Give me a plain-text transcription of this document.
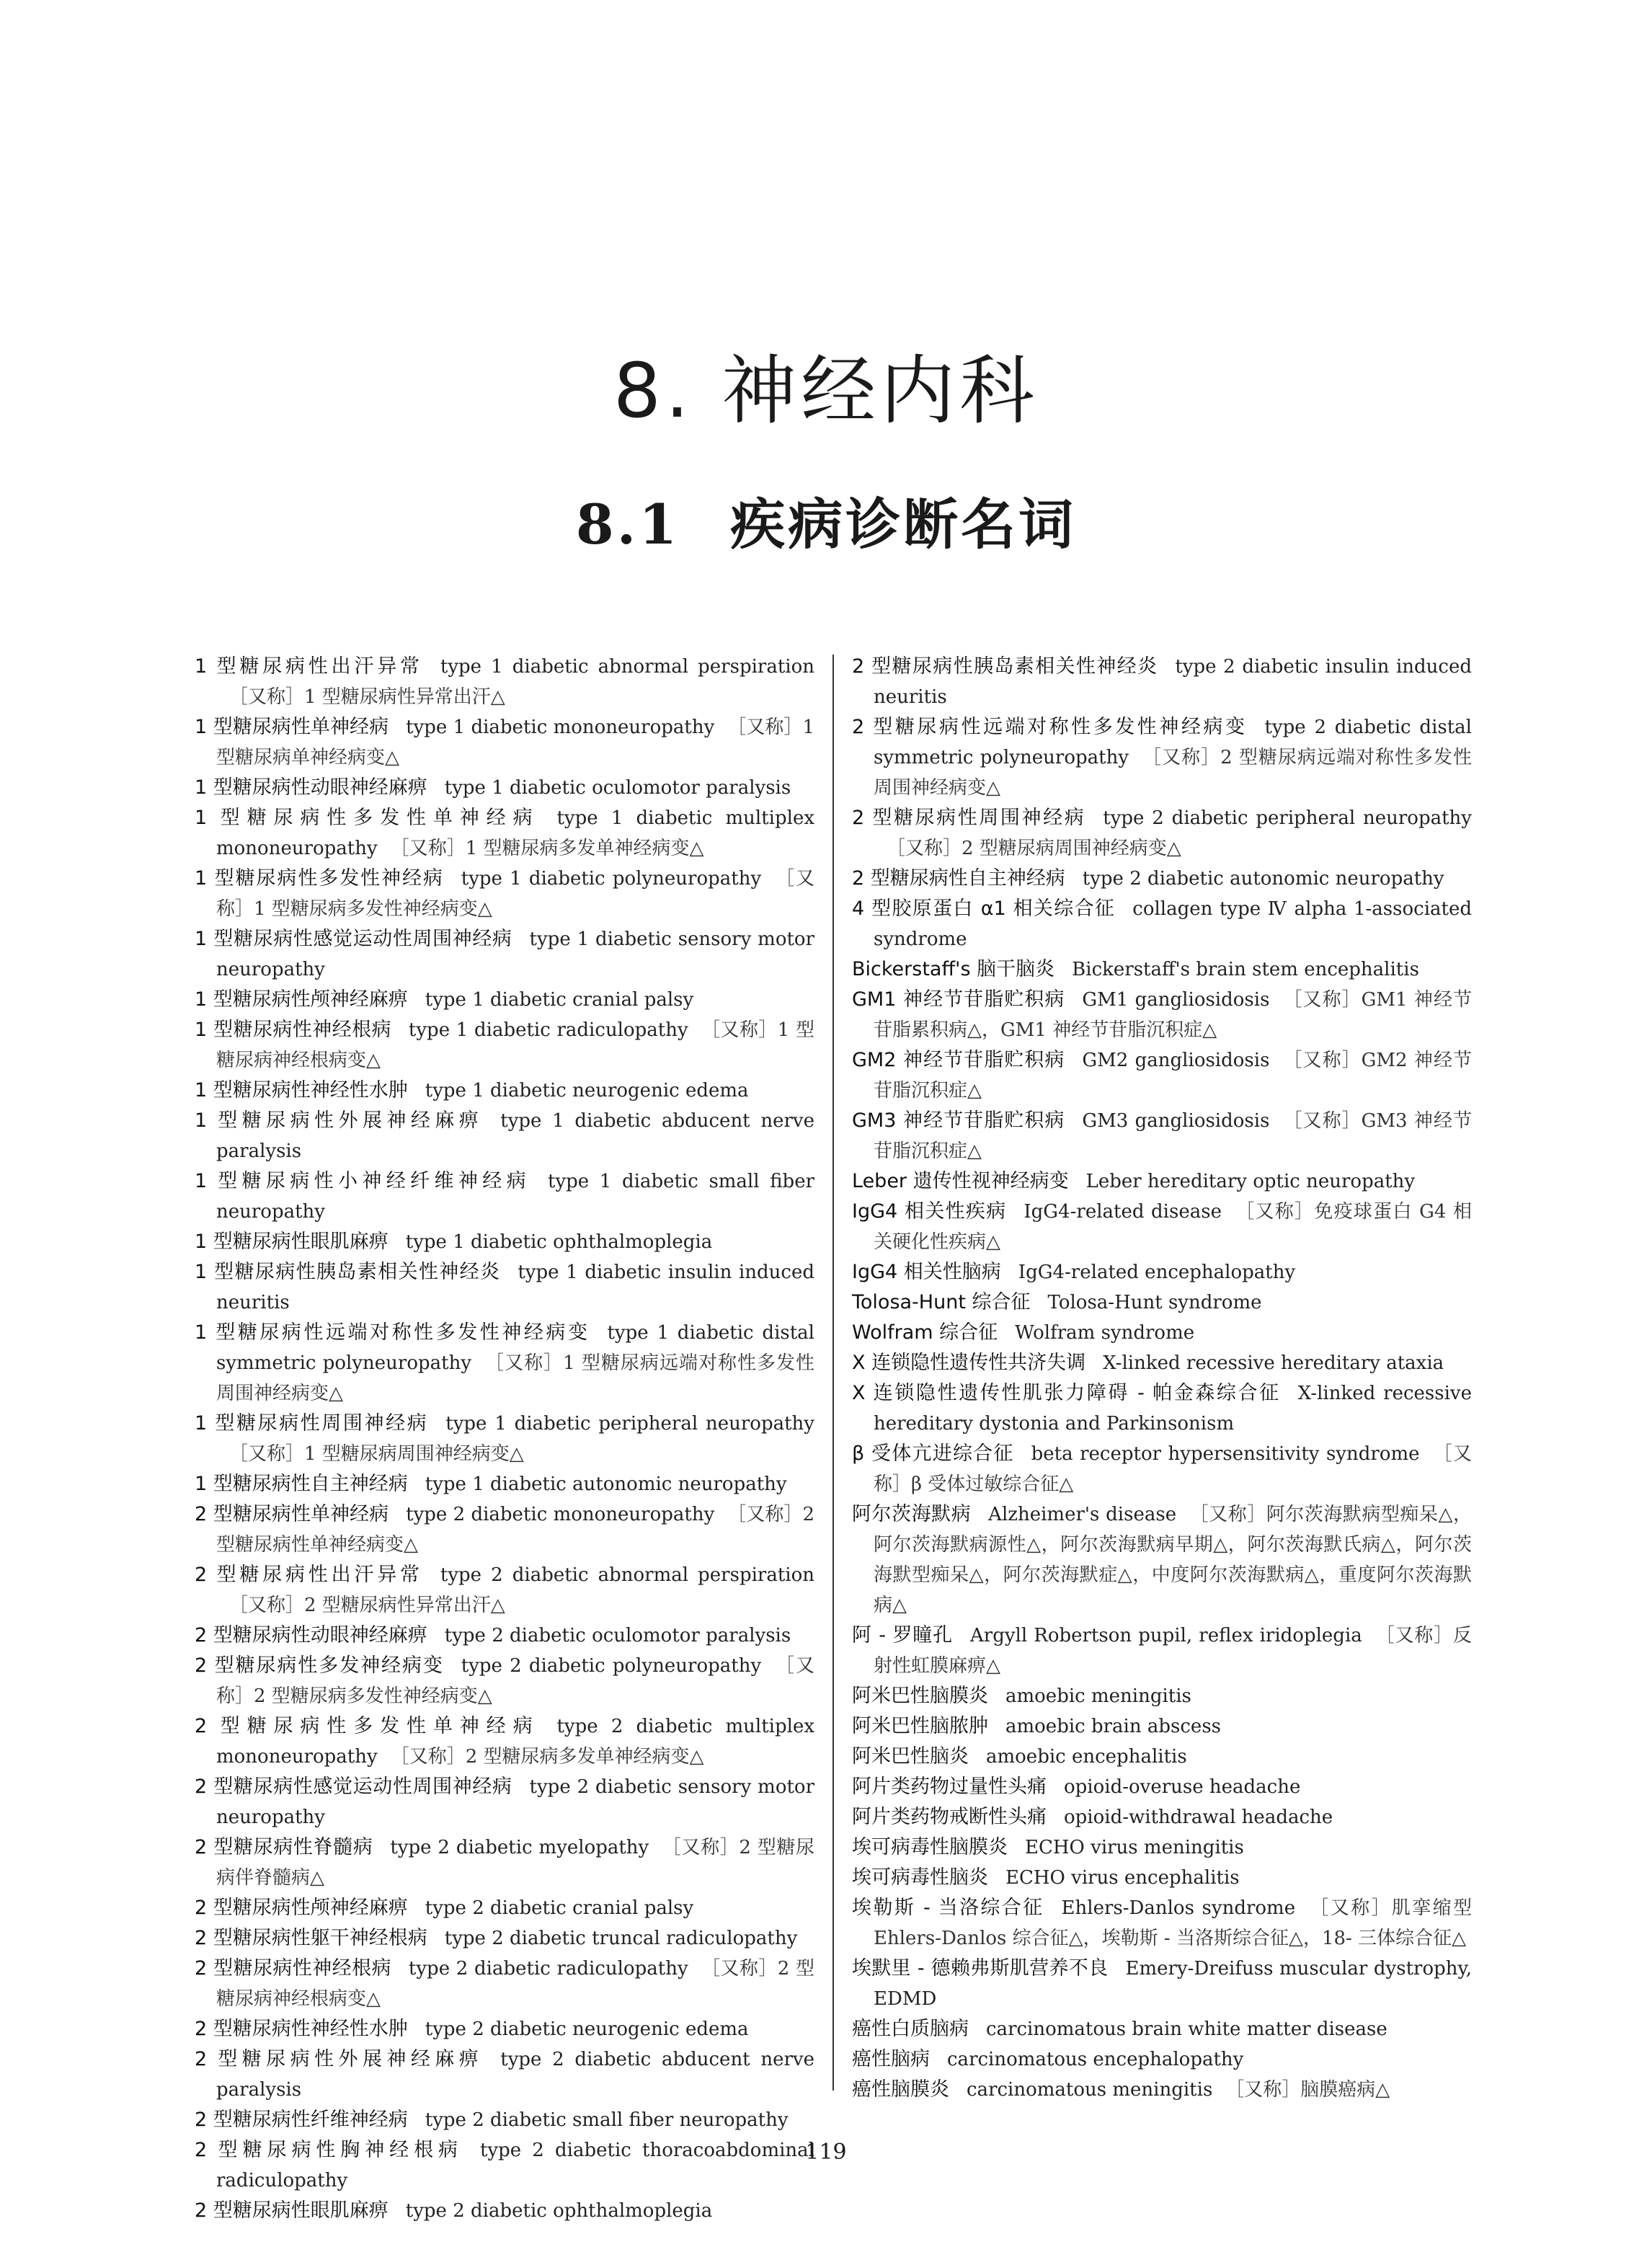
8. 神经内科
8.1 疾病诊断名词
1 型糖尿病性出汗异常 type 1 diabetic abnormal perspiration［又称］1 型糖尿病性异常出汗△
1 型糖尿病性单神经病 type 1 diabetic mononeuropathy ［又称］1 型糖尿病单神经病变△
1 型糖尿病性动眼神经麻痹 type 1 diabetic oculomotor paralysis
1 型糖尿病性多发性单神经病 type 1 diabetic multiplex mononeuropathy ［又称］1 型糖尿病多发单神经病变△
1 型糖尿病性多发性神经病 type 1 diabetic polyneuropathy ［又称］1 型糖尿病多发性神经病变△
1 型糖尿病性感觉运动性周围神经病 type 1 diabetic sensory motor neuropathy
1 型糖尿病性颅神经麻痹 type 1 diabetic cranial palsy
1 型糖尿病性神经根病 type 1 diabetic radiculopathy ［又称］1 型糖尿病神经根病变△
1 型糖尿病性神经性水肿 type 1 diabetic neurogenic edema
1 型糖尿病性外展神经麻痹 type 1 diabetic abducent nerve paralysis
1 型糖尿病性小神经纤维神经病 type 1 diabetic small fiber neuropathy
1 型糖尿病性眼肌麻痹 type 1 diabetic ophthalmoplegia
1 型糖尿病性胰岛素相关性神经炎 type 1 diabetic insulin induced neuritis
1 型糖尿病性远端对称性多发性神经病变 type 1 diabetic distal symmetric polyneuropathy ［又称］1 型糖尿病远端对称性多发性周围神经病变△
1 型糖尿病性周围神经病 type 1 diabetic peripheral neuropathy［又称］1 型糖尿病周围神经病变△
1 型糖尿病性自主神经病 type 1 diabetic autonomic neuropathy
2 型糖尿病性单神经病 type 2 diabetic mononeuropathy ［又称］2 型糖尿病性单神经病变△
2 型糖尿病性出汗异常 type 2 diabetic abnormal perspiration［又称］2 型糖尿病性异常出汗△
2 型糖尿病性动眼神经麻痹 type 2 diabetic oculomotor paralysis
2 型糖尿病性多发神经病变 type 2 diabetic polyneuropathy ［又称］2 型糖尿病多发性神经病变△
2 型糖尿病性多发性单神经病 type 2 diabetic multiplex mononeuropathy ［又称］2 型糖尿病多发单神经病变△
2 型糖尿病性感觉运动性周围神经病 type 2 diabetic sensory motor neuropathy
2 型糖尿病性脊髓病 type 2 diabetic myelopathy ［又称］2 型糖尿病伴脊髓病△
2 型糖尿病性颅神经麻痹 type 2 diabetic cranial palsy
2 型糖尿病性躯干神经根病 type 2 diabetic truncal radiculopathy
2 型糖尿病性神经根病 type 2 diabetic radiculopathy ［又称］2 型糖尿病神经根病变△
2 型糖尿病性神经性水肿 type 2 diabetic neurogenic edema
2 型糖尿病性外展神经麻痹 type 2 diabetic abducent nerve paralysis
2 型糖尿病性纤维神经病 type 2 diabetic small fiber neuropathy
2 型糖尿病性胸神经根病 type 2 diabetic thoracoabdominal radiculopathy
2 型糖尿病性眼肌麻痹 type 2 diabetic ophthalmoplegia
2 型糖尿病性胰岛素相关性神经炎 type 2 diabetic insulin induced neuritis
2 型糖尿病性远端对称性多发性神经病变 type 2 diabetic distal symmetric polyneuropathy ［又称］2 型糖尿病远端对称性多发性周围神经病变△
2 型糖尿病性周围神经病 type 2 diabetic peripheral neuropathy［又称］2 型糖尿病周围神经病变△
2 型糖尿病性自主神经病 type 2 diabetic autonomic neuropathy
4 型胶原蛋白 α1 相关综合征 collagen type Ⅳ alpha 1-associated syndrome
Bickerstaff's 脑干脑炎 Bickerstaff's brain stem encephalitis
GM1 神经节苷脂贮积病 GM1 gangliosidosis ［又称］GM1 神经节苷脂累积病△，GM1 神经节苷脂沉积症△
GM2 神经节苷脂贮积病 GM2 gangliosidosis ［又称］GM2 神经节苷脂沉积症△
GM3 神经节苷脂贮积病 GM3 gangliosidosis ［又称］GM3 神经节苷脂沉积症△
Leber 遗传性视神经病变 Leber hereditary optic neuropathy
IgG4 相关性疾病 IgG4-related disease ［又称］免疫球蛋白 G4 相关硬化性疾病△
IgG4 相关性脑病 IgG4-related encephalopathy
Tolosa-Hunt 综合征 Tolosa-Hunt syndrome
Wolfram 综合征 Wolfram syndrome
X 连锁隐性遗传性共济失调 X-linked recessive hereditary ataxia
X 连锁隐性遗传性肌张力障碍 - 帕金森综合征 X-linked recessive hereditary dystonia and Parkinsonism
β 受体亢进综合征 beta receptor hypersensitivity syndrome ［又称］β 受体过敏综合征△
阿尔茨海默病 Alzheimer's disease ［又称］阿尔茨海默病型痴呆△，阿尔茨海默病源性△，阿尔茨海默病早期△，阿尔茨海默氏病△，阿尔茨海默型痴呆△，阿尔茨海默症△，中度阿尔茨海默病△，重度阿尔茨海默病△
阿 - 罗瞳孔 Argyll Robertson pupil, reflex iridoplegia ［又称］反射性虹膜麻痹△
阿米巴性脑膜炎 amoebic meningitis
阿米巴性脑脓肿 amoebic brain abscess
阿米巴性脑炎 amoebic encephalitis
阿片类药物过量性头痛 opioid-overuse headache
阿片类药物戒断性头痛 opioid-withdrawal headache
埃可病毒性脑膜炎 ECHO virus meningitis
埃可病毒性脑炎 ECHO virus encephalitis
埃勒斯 - 当洛综合征 Ehlers-Danlos syndrome ［又称］肌挛缩型 Ehlers-Danlos 综合征△，埃勒斯 - 当洛斯综合征△，18- 三体综合征△
埃默里 - 德赖弗斯肌营养不良 Emery-Dreifuss muscular dystrophy, EDMD
癌性白质脑病 carcinomatous brain white matter disease
癌性脑病 carcinomatous encephalopathy
癌性脑膜炎 carcinomatous meningitis ［又称］脑膜癌病△
119
